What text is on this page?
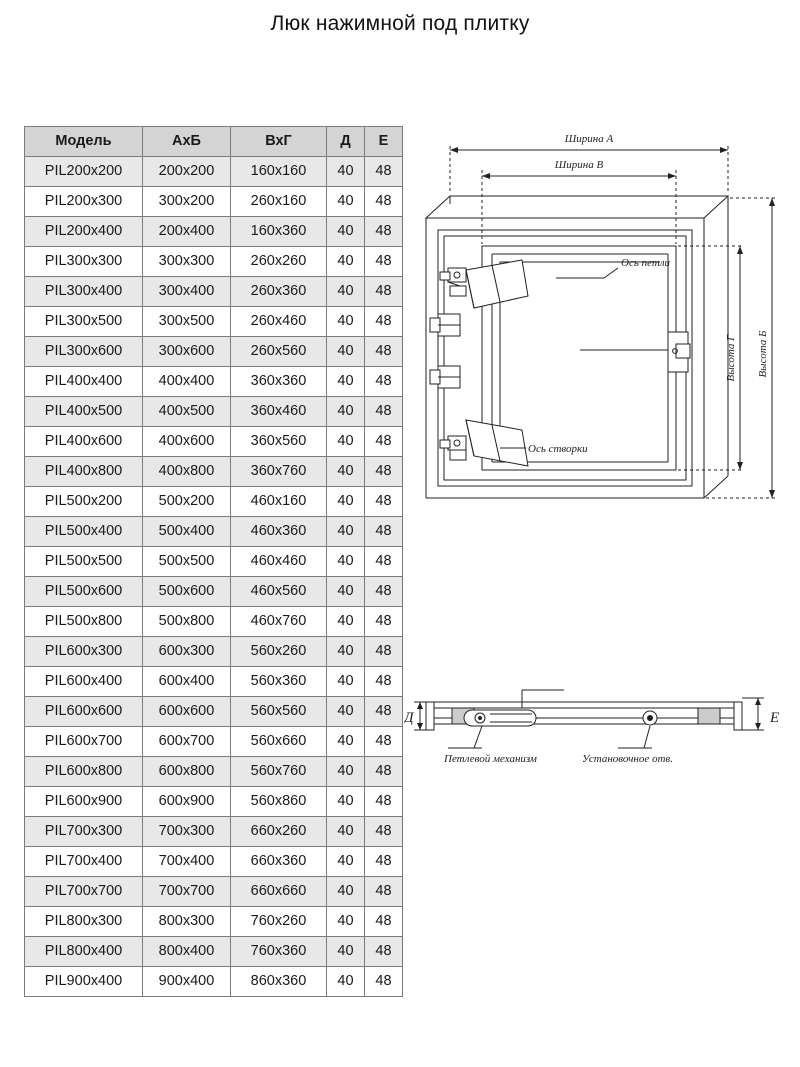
Люк нажимной под плитку
Модель	АхБ	ВхГ	Д	Е
PIL200x200	200x200	160x160	40	48
PIL200x300	300x200	260x160	40	48
PIL200x400	200x400	160x360	40	48
PIL300x300	300x300	260x260	40	48
PIL300x400	300x400	260x360	40	48
PIL300x500	300x500	260x460	40	48
PIL300x600	300x600	260x560	40	48
PIL400x400	400x400	360x360	40	48
PIL400x500	400x500	360x460	40	48
PIL400x600	400x600	360x560	40	48
PIL400x800	400x800	360x760	40	48
PIL500x200	500x200	460x160	40	48
PIL500x400	500x400	460x360	40	48
PIL500x500	500x500	460x460	40	48
PIL500x600	500x600	460x560	40	48
PIL500x800	500x800	460x760	40	48
PIL600x300	600x300	560x260	40	48
PIL600x400	600x400	560x360	40	48
PIL600x600	600x600	560x560	40	48
PIL600x700	600x700	560x660	40	48
PIL600x800	600x800	560x760	40	48
PIL600x900	600x900	560x860	40	48
PIL700x300	700x300	660x260	40	48
PIL700x400	700x400	660x360	40	48
PIL700x700	700x700	660x660	40	48
PIL800x300	800x300	760x260	40	48
PIL800x400	800x400	760x360	40	48
PIL900x400	900x400	860x360	40	48
Ширина А
Ширина В
Высота Г Высота Б
Ось петли
Ось створки
Д	Е
Петлевой механизм	Установочное отв.
